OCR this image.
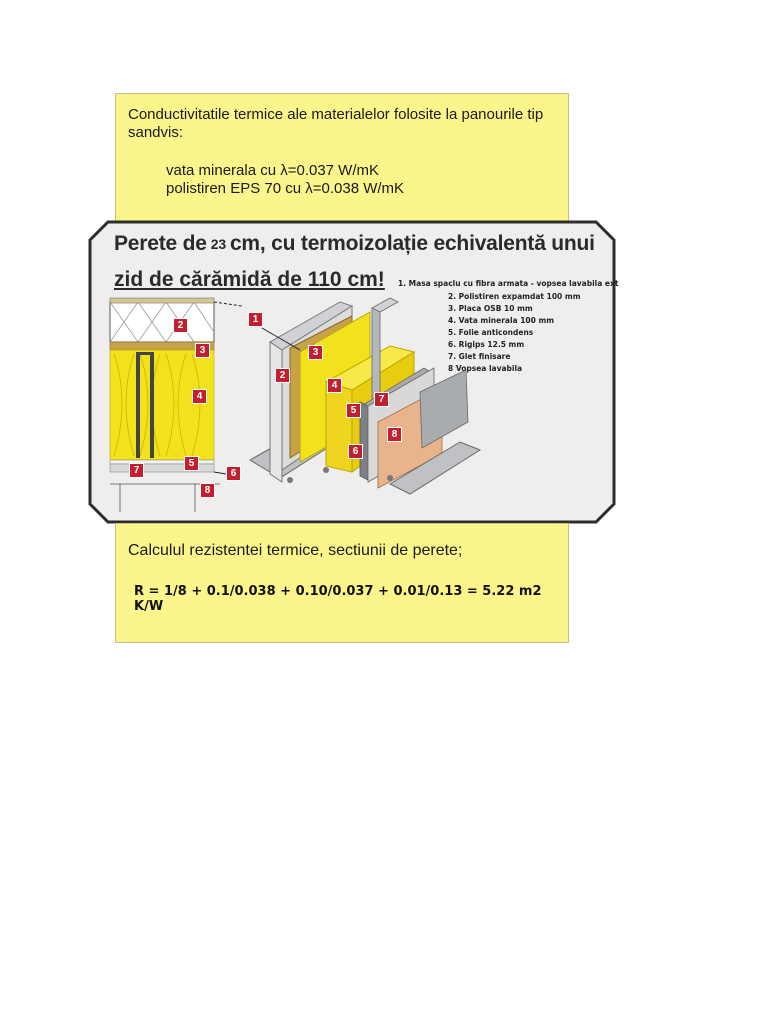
Conductivitatile termice ale materialelor folosite la panourile tip sandvis:
vata minerala cu λ=0.037 W/mK
polistiren EPS 70 cu λ=0.038 W/mK
Perete de 23 cm, cu termoizolație echivalentă unui
zid de cărămidă de 110 cm! 1. Masa spaclu cu fibra armata - vopsea lavabila ext
2. Polistiren expamdat 100 mm
3. Placa OSB 10 mm
4. Vata minerala 100 mm
5. Folie anticondens
6. Rigips 12.5 mm
7. Glet finisare
8 Vopsea lavabila
2
3
4
5
7	6
8
1
2
3
4
5
6
7
8
Calculul rezistentei termice, sectiunii de perete;
R = 1/8 + 0.1/0.038 + 0.10/0.037 + 0.01/0.13 = 5.22 m2 K/W
